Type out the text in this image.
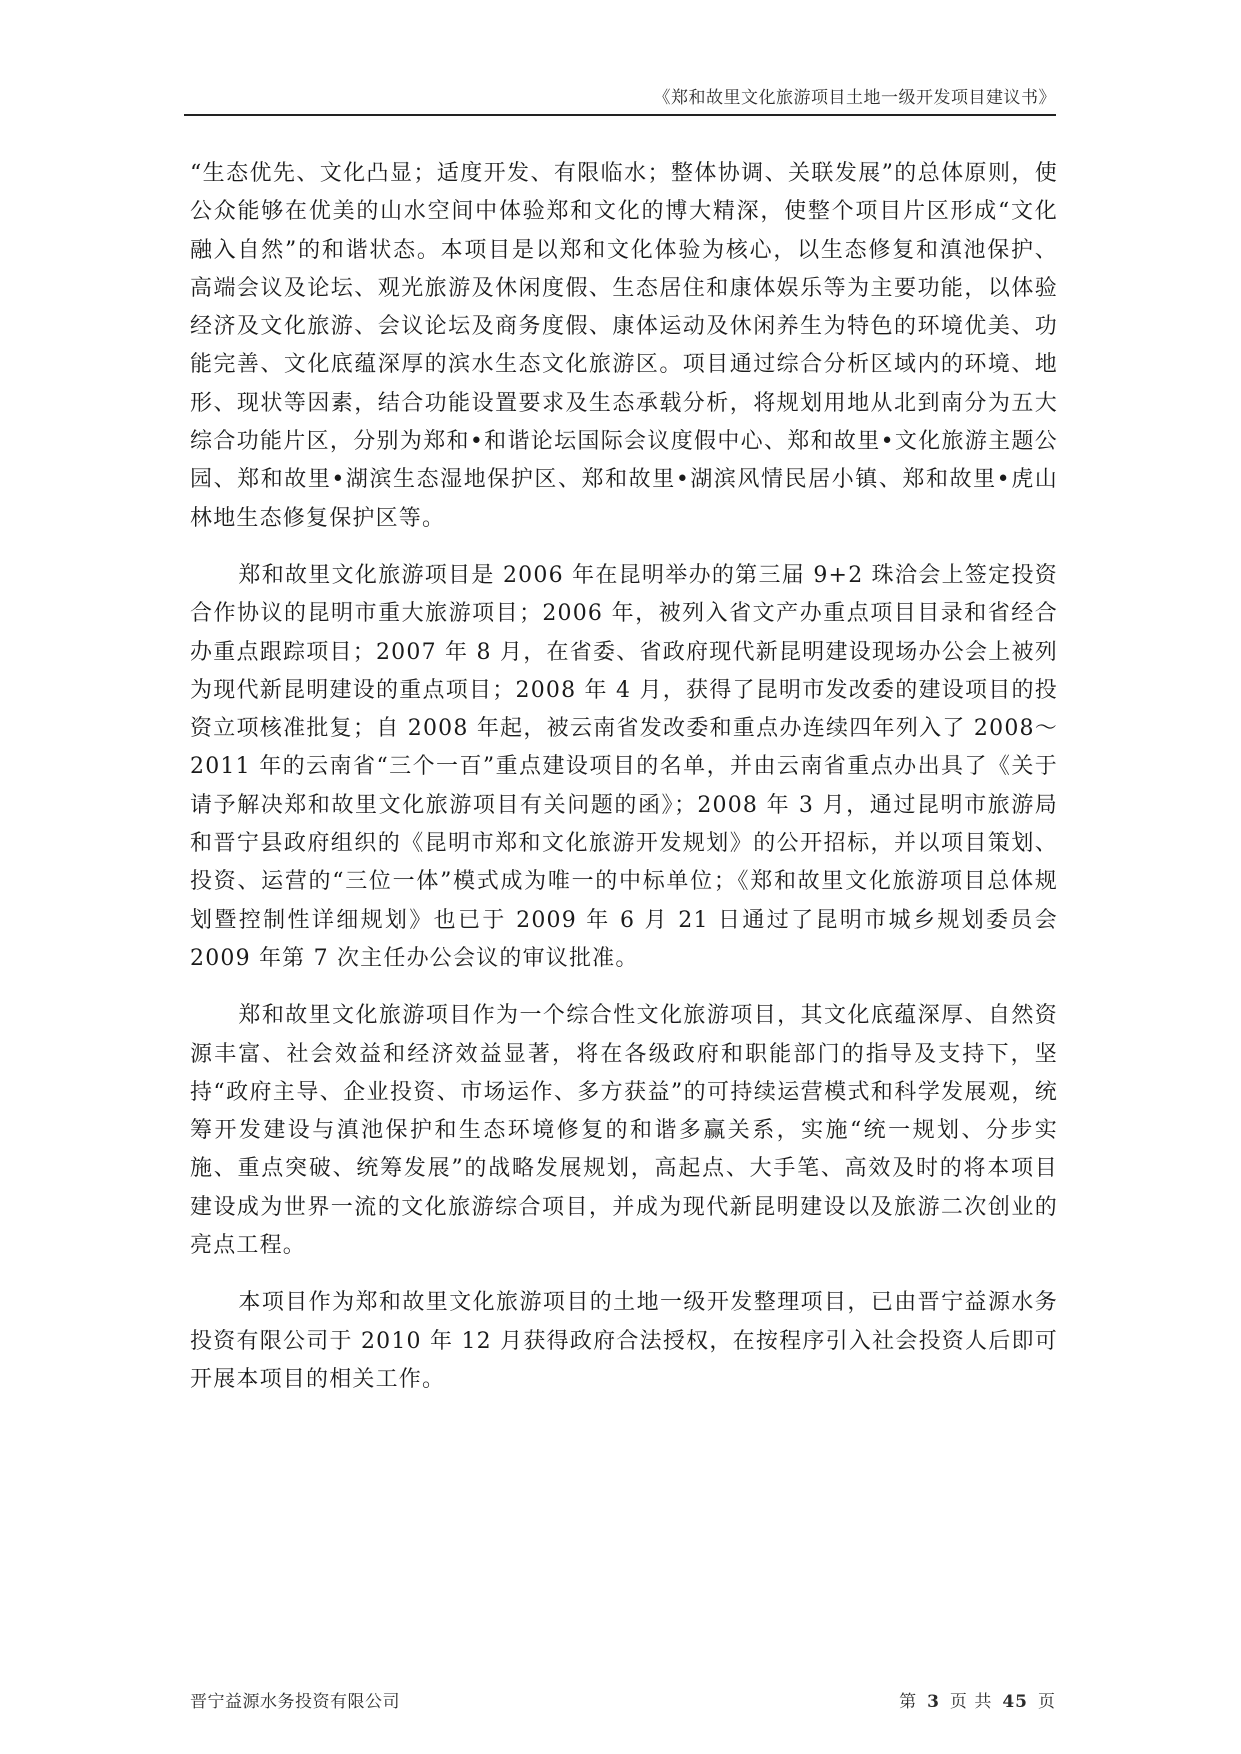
《郑和故里文化旅游项目土地一级开发项目建议书》

“生态优先、文化凸显；适度开发、有限临水；整体协调、关联发展”的总体原则，使公众能够在优美的山水空间中体验郑和文化的博大精深，使整个项目片区形成“文化融入自然”的和谐状态。本项目是以郑和文化体验为核心，以生态修复和滇池保护、高端会议及论坛、观光旅游及休闲度假、生态居住和康体娱乐等为主要功能，以体验经济及文化旅游、会议论坛及商务度假、康体运动及休闲养生为特色的环境优美、功能完善、文化底蕴深厚的滨水生态文化旅游区。项目通过综合分析区域内的环境、地形、现状等因素，结合功能设置要求及生态承载分析，将规划用地从北到南分为五大综合功能片区，分别为郑和•和谐论坛国际会议度假中心、郑和故里•文化旅游主题公园、郑和故里•湖滨生态湿地保护区、郑和故里•湖滨风情民居小镇、郑和故里•虎山林地生态修复保护区等。

郑和故里文化旅游项目是 2006 年在昆明举办的第三届 9+2 珠洽会上签定投资合作协议的昆明市重大旅游项目；2006 年，被列入省文产办重点项目目录和省经合办重点跟踪项目；2007 年 8 月，在省委、省政府现代新昆明建设现场办公会上被列为现代新昆明建设的重点项目；2008 年 4 月，获得了昆明市发改委的建设项目的投资立项核准批复；自 2008 年起，被云南省发改委和重点办连续四年列入了 2008～2011 年的云南省“三个一百”重点建设项目的名单，并由云南省重点办出具了《关于请予解决郑和故里文化旅游项目有关问题的函》；2008 年 3 月，通过昆明市旅游局和晋宁县政府组织的《昆明市郑和文化旅游开发规划》的公开招标，并以项目策划、投资、运营的“三位一体”模式成为唯一的中标单位；《郑和故里文化旅游项目总体规划暨控制性详细规划》也已于 2009 年 6 月 21 日通过了昆明市城乡规划委员会 2009 年第 7 次主任办公会议的审议批准。

郑和故里文化旅游项目作为一个综合性文化旅游项目，其文化底蕴深厚、自然资源丰富、社会效益和经济效益显著，将在各级政府和职能部门的指导及支持下，坚持“政府主导、企业投资、市场运作、多方获益”的可持续运营模式和科学发展观，统筹开发建设与滇池保护和生态环境修复的和谐多赢关系，实施“统一规划、分步实施、重点突破、统筹发展”的战略发展规划，高起点、大手笔、高效及时的将本项目建设成为世界一流的文化旅游综合项目，并成为现代新昆明建设以及旅游二次创业的亮点工程。

本项目作为郑和故里文化旅游项目的土地一级开发整理项目，已由晋宁益源水务投资有限公司于 2010 年 12 月获得政府合法授权，在按程序引入社会投资人后即可开展本项目的相关工作。

晋宁益源水务投资有限公司	第 3 页 共 45 页
